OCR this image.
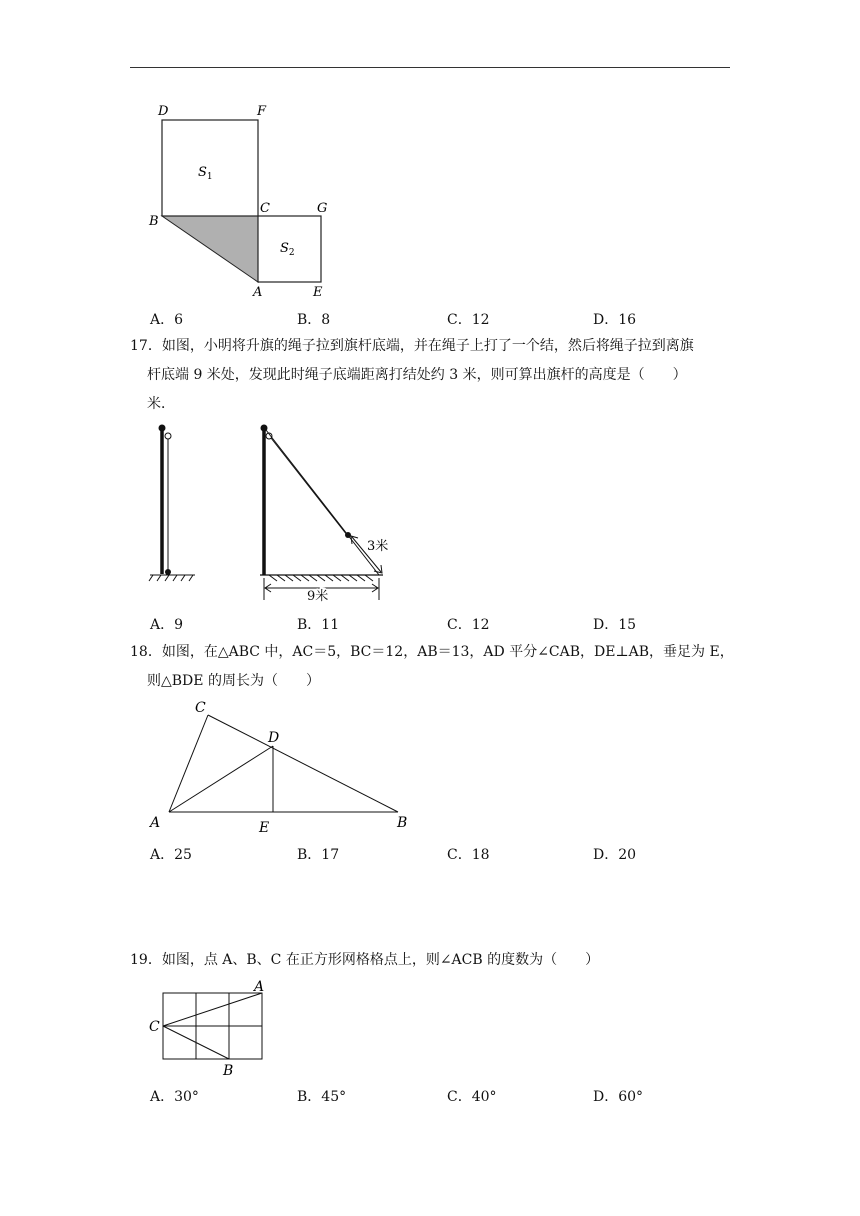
D	F
$S_1$
B
C	G
$S_2$
A	E
A．6	B．8	C．12	D．16
17．如图，小明将升旗的绳子拉到旗杆底端，并在绳子上打了一个结，然后将绳子拉到离旗
杆底端 9 米处，发现此时绳子底端距离打结处约 3 米，则可算出旗杆的高度是（　　）
米．
3米
9米
A．9	B．11	C．12	D．15
18．如图，在△ABC 中，AC＝5，BC＝12，AB＝13，AD 平分∠CAB，DE⊥AB，垂足为 E，
则△BDE 的周长为（　　）
C
D
A	E	B
A．25	B．17	C．18	D．20
19．如图，点 A、B、C 在正方形网格格点上，则∠ACB 的度数为（　　）
A
C
B
A．30°	B．45°	C．40°	D．60°
